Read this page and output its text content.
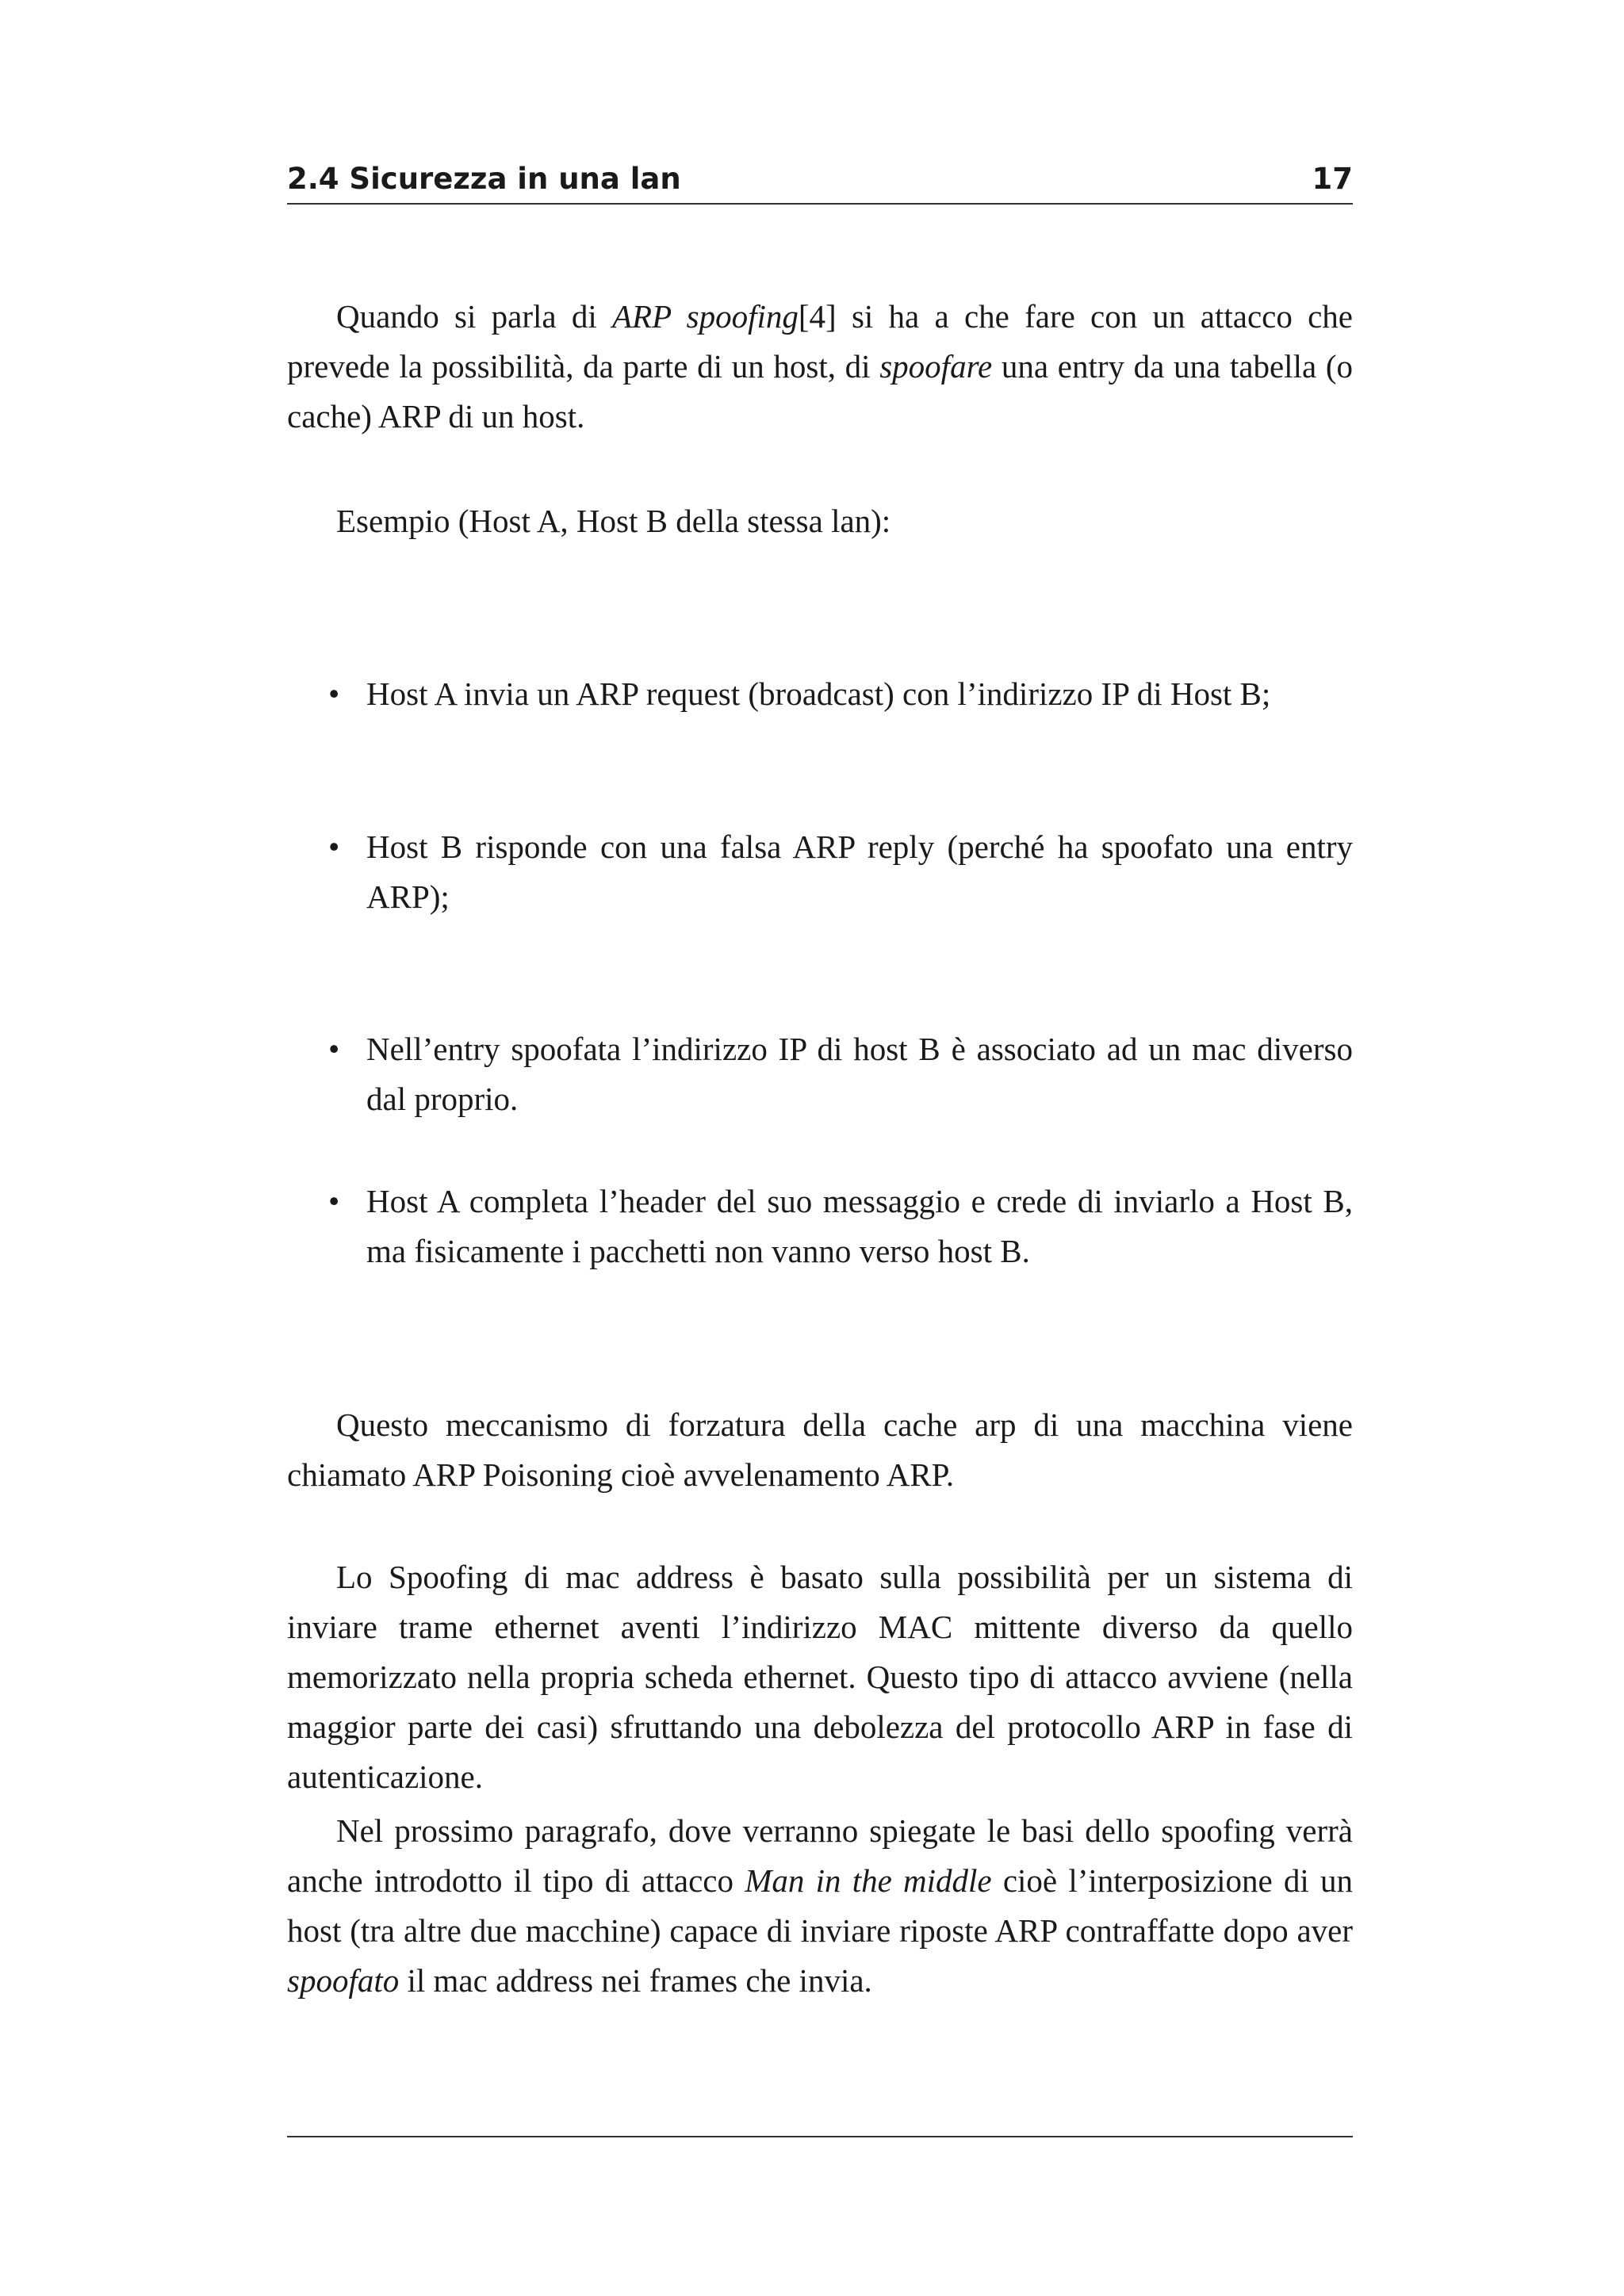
2.4 Sicurezza in una lan	17

Quando si parla di ARP spoofing[4] si ha a che fare con un attacco che prevede la possibilità, da parte di un host, di spoofare una entry da una tabella (o cache) ARP di un host.

Esempio (Host A, Host B della stessa lan):

• Host A invia un ARP request (broadcast) con l’indirizzo IP di Host B;

• Host B risponde con una falsa ARP reply (perché ha spoofato una entry ARP);

• Nell’entry spoofata l’indirizzo IP di host B è associato ad un mac diverso dal proprio.

• Host A completa l’header del suo messaggio e crede di inviarlo a Host B, ma fisicamente i pacchetti non vanno verso host B.

Questo meccanismo di forzatura della cache arp di una macchina viene chiamato ARP Poisoning cioè avvelenamento ARP.

Lo Spoofing di mac address è basato sulla possibilità per un sistema di inviare trame ethernet aventi l’indirizzo MAC mittente diverso da quello memorizzato nella propria scheda ethernet. Questo tipo di attacco avviene (nella maggior parte dei casi) sfruttando una debolezza del protocollo ARP in fase di autenticazione.

Nel prossimo paragrafo, dove verranno spiegate le basi dello spoofing verrà anche introdotto il tipo di attacco Man in the middle cioè l’interposizione di un host (tra altre due macchine) capace di inviare riposte ARP contraffatte dopo aver spoofato il mac address nei frames che invia.
